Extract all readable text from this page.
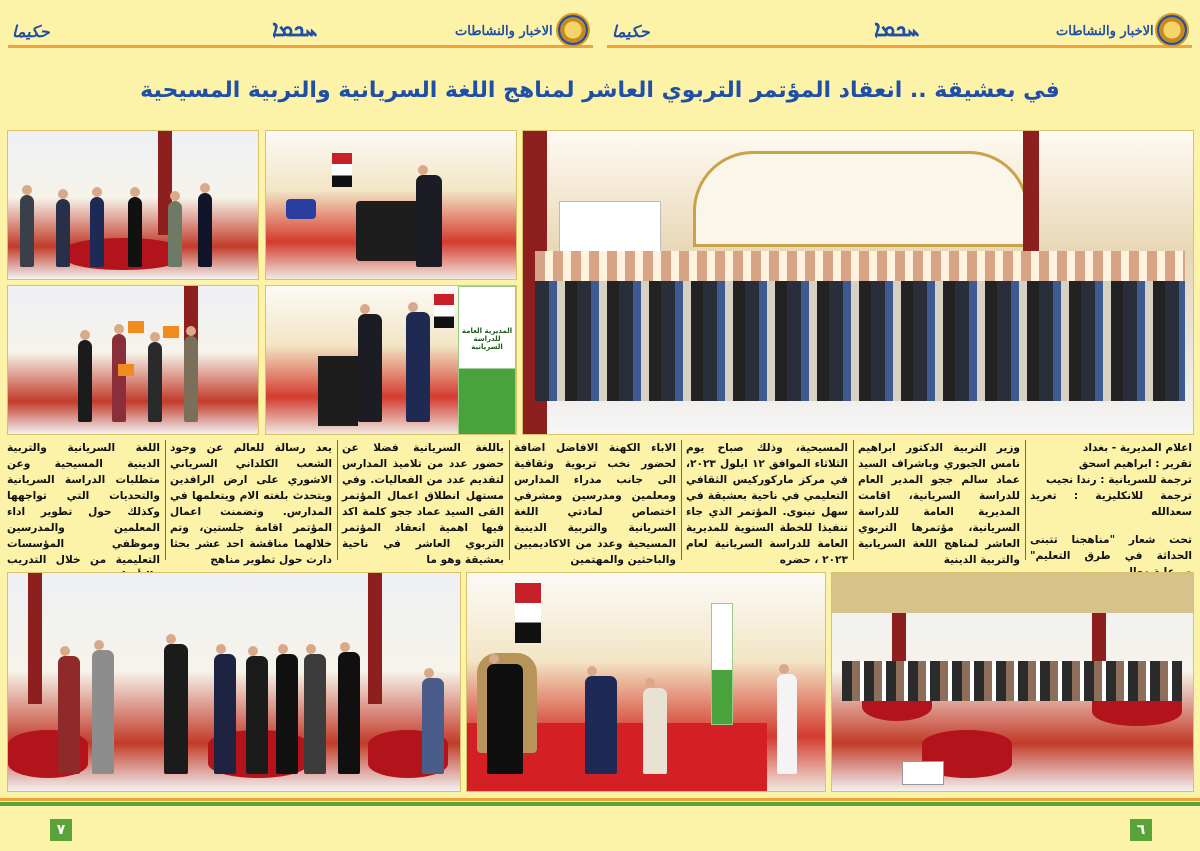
حكيما	ܚܟܡܐ	الاخبار والنشاطات	حكيما	ܚܟܡܐ	الاخبار والنشاطات
في بعشيقة .. انعقاد المؤتمر التربوي العاشر لمناهج اللغة السريانية والتربية المسيحية
المديرية العامة للدراسة السريانية
اعلام المديرية - بغداد
تقرير : ابراهيم اسحق
ترجمة للسريانية : رندا نجيب
ترجمة للانكليزية : تغريد سعدالله
تحت شعار "مناهجنا تتبنى الحداثة في طرق التعليم"
وزير التربية الدكتور ابراهيم نامس الجبوري وباشراف السيد عماد سالم ججو المدير العام للدراسة السريانية، اقامت المديرية العامة للدراسة السريانية، مؤتمرها التربوي العاشر لمناهج اللغة السريانية والتربية الدينية
المسيحية، وذلك صباح يوم الثلاثاء الموافق ١٢ ايلول ٢٠٢٣، في مركز ماركوركيس الثقافي التعليمي في ناحية بعشيقة في سهل نينوى. المؤتمر الذي جاء تنفيذا للخطة السنوية للمديرية العامة للدراسة السريانية لعام ٢٠٢٣ ، حضره
الاباء الكهنة الافاضل اضافة لحضور نخب تربوية وثقافية الى جانب مدراء المدارس ومعلمين ومدرسين ومشرفي اختصاص لمادتي اللغة السريانية والتربية الدينية المسيحية وعدد من الاكاديميين والباحثين والمهتمين
باللغة السريانية فضلا عن حضور عدد من تلاميذ المدارس لتقديم عدد من الفعاليات. وفي مستهل انطلاق اعمال المؤتمر القى السيد عماد ججو كلمة اكد فيها اهمية انعقاد المؤتمر التربوي العاشر في ناحية بعشيقة وهو ما
يعد رسالة للعالم عن وجود الشعب الكلداني السرياني الاشوري على ارض الرافدين ويتحدث بلغته الام ويتعلمها في المدارس. وتضمنت اعمال المؤتمر اقامة جلستين، وتم خلالهما مناقشة احد عشر بحثا دارت حول تطوير مناهج
اللغة السريانية والتربية الدينية المسيحية وعن متطلبات الدراسة السريانية والتحديات التي تواجهها وكذلك حول تطوير اداء المعلمين والمدرسين وموظفي المؤسسات التعليمية من خلال التدريب
٧	٦
